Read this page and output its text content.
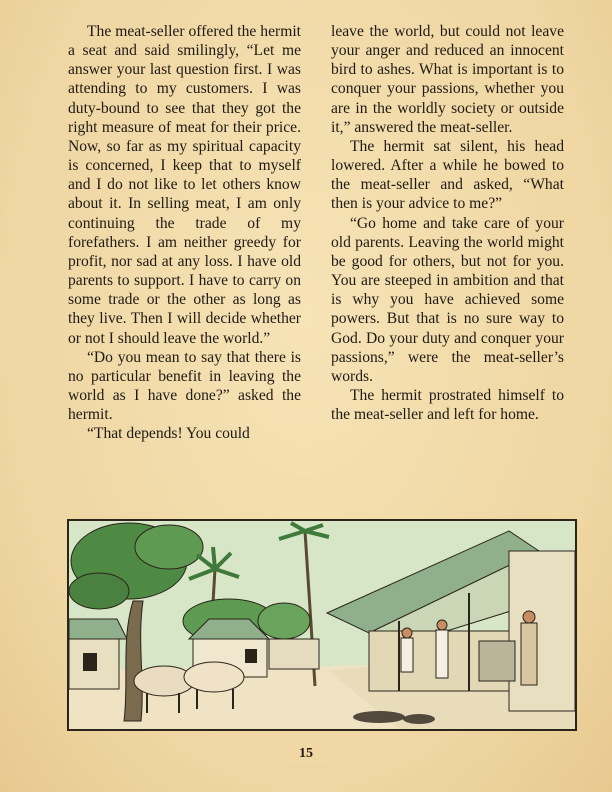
The meat-seller offered the hermit a seat and said smilingly, “Let me answer your last question first. I was attending to my customers. I was duty-bound to see that they got the right measure of meat for their price. Now, so far as my spiritual capacity is concerned, I keep that to myself and I do not like to let others know about it. In selling meat, I am only continuing the trade of my forefathers. I am neither greedy for profit, nor sad at any loss. I have old parents to support. I have to carry on some trade or the other as long as they live. Then I will decide whether or not I should leave the world.”

“Do you mean to say that there is no particular benefit in leaving the world as I have done?” asked the hermit.

“That depends! You could

leave the world, but could not leave your anger and reduced an innocent bird to ashes. What is important is to conquer your passions, whether you are in the worldly society or outside it,” answered the meat-seller.

The hermit sat silent, his head lowered. After a while he bowed to the meat-seller and asked, “What then is your advice to me?”

“Go home and take care of your old parents. Leaving the world might be good for others, but not for you. You are steeped in ambition and that is why you have achieved some powers. But that is no sure way to God. Do your duty and conquer your passions,” were the meat-seller’s words.

The hermit prostrated himself to the meat-seller and left for home.

15
